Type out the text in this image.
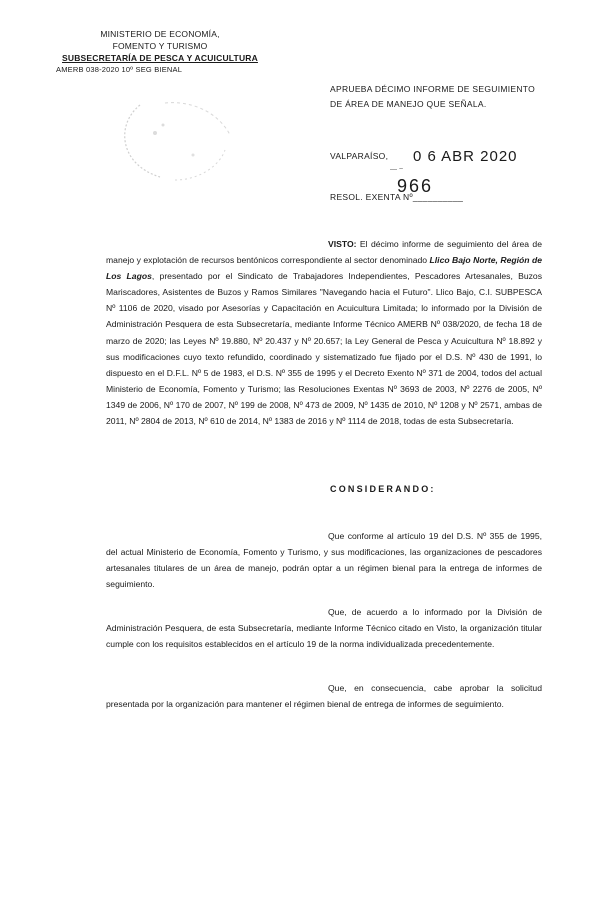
MINISTERIO DE ECONOMÍA,
FOMENTO Y TURISMO
SUBSECRETARÍA DE PESCA Y ACUICULTURA
AMERB 038-2020 10º SEG BIENAL
APRUEBA DÉCIMO INFORME DE SEGUIMIENTO DE ÁREA DE MANEJO QUE SEÑALA.
VALPARAÍSO, 0 6 ABR 2020
— ~
966
RESOL. EXENTA Nº__________

VISTO: El décimo informe de seguimiento del área de manejo y explotación de recursos bentónicos correspondiente al sector denominado Llico Bajo Norte, Región de Los Lagos, presentado por el Sindicato de Trabajadores Independientes, Pescadores Artesanales, Buzos Mariscadores, Asistentes de Buzos y Ramos Similares "Navegando hacia el Futuro". Llico Bajo, C.I. SUBPESCA Nº 1106 de 2020, visado por Asesorías y Capacitación en Acuicultura Limitada; lo informado por la División de Administración Pesquera de esta Subsecretaría, mediante Informe Técnico AMERB Nº 038/2020, de fecha 18 de marzo de 2020; las Leyes Nº 19.880, Nº 20.437 y Nº 20.657; la Ley General de Pesca y Acuicultura Nº 18.892 y sus modificaciones cuyo texto refundido, coordinado y sistematizado fue fijado por el D.S. Nº 430 de 1991, lo dispuesto en el D.F.L. Nº 5 de 1983, el D.S. Nº 355 de 1995 y el Decreto Exento Nº 371 de 2004, todos del actual Ministerio de Economía, Fomento y Turismo; las Resoluciones Exentas Nº 3693 de 2003, Nº 2276 de 2005, Nº 1349 de 2006, Nº 170 de 2007, Nº 199 de 2008, Nº 473 de 2009, Nº 1435 de 2010, Nº 1208 y Nº 2571, ambas de 2011, Nº 2804 de 2013, Nº 610 de 2014, Nº 1383 de 2016 y Nº 1114 de 2018, todas de esta Subsecretaría.

CONSIDERANDO:

Que conforme al artículo 19 del D.S. Nº 355 de 1995, del actual Ministerio de Economía, Fomento y Turismo, y sus modificaciones, las organizaciones de pescadores artesanales titulares de un área de manejo, podrán optar a un régimen bienal para la entrega de informes de seguimiento.

Que, de acuerdo a lo informado por la División de Administración Pesquera, de esta Subsecretaría, mediante Informe Técnico citado en Visto, la organización titular cumple con los requisitos establecidos en el artículo 19 de la norma individualizada precedentemente.

Que, en consecuencia, cabe aprobar la solicitud presentada por la organización para mantener el régimen bienal de entrega de informes de seguimiento.
